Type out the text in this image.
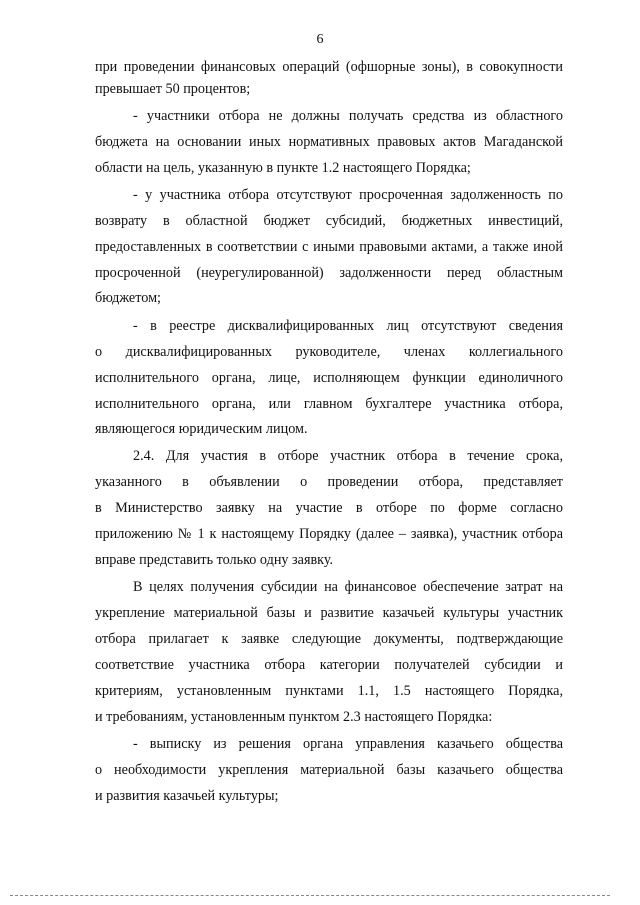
6
при проведении финансовых операций (офшорные зоны), в совокупности
превышает 50 процентов;
- участники отбора не должны получать средства из областного
бюджета на основании иных нормативных правовых актов Магаданской
области на цель, указанную в пункте 1.2 настоящего Порядка;
- у участника отбора отсутствуют просроченная задолженность по
возврату в областной бюджет субсидий, бюджетных инвестиций,
предоставленных в соответствии с иными правовыми актами, а также иной
просроченной (неурегулированной) задолженности перед областным
бюджетом;
- в реестре дисквалифицированных лиц отсутствуют сведения
о дисквалифицированных руководителе, членах коллегиального
исполнительного органа, лице, исполняющем функции единоличного
исполнительного органа, или главном бухгалтере участника отбора,
являющегося юридическим лицом.
2.4. Для участия в отборе участник отбора в течение срока,
указанного в объявлении о проведении отбора, представляет
в Министерство заявку на участие в отборе по форме согласно
приложению № 1 к настоящему Порядку (далее – заявка), участник отбора
вправе представить только одну заявку.
В целях получения субсидии на финансовое обеспечение затрат на
укрепление материальной базы и развитие казачьей культуры участник
отбора прилагает к заявке следующие документы, подтверждающие
соответствие участника отбора категории получателей субсидии и
критериям, установленным пунктами 1.1, 1.5 настоящего Порядка,
и требованиям, установленным пунктом 2.3 настоящего Порядка:
- выписку из решения органа управления казачьего общества
о необходимости укрепления материальной базы казачьего общества
и развития казачьей культуры;
